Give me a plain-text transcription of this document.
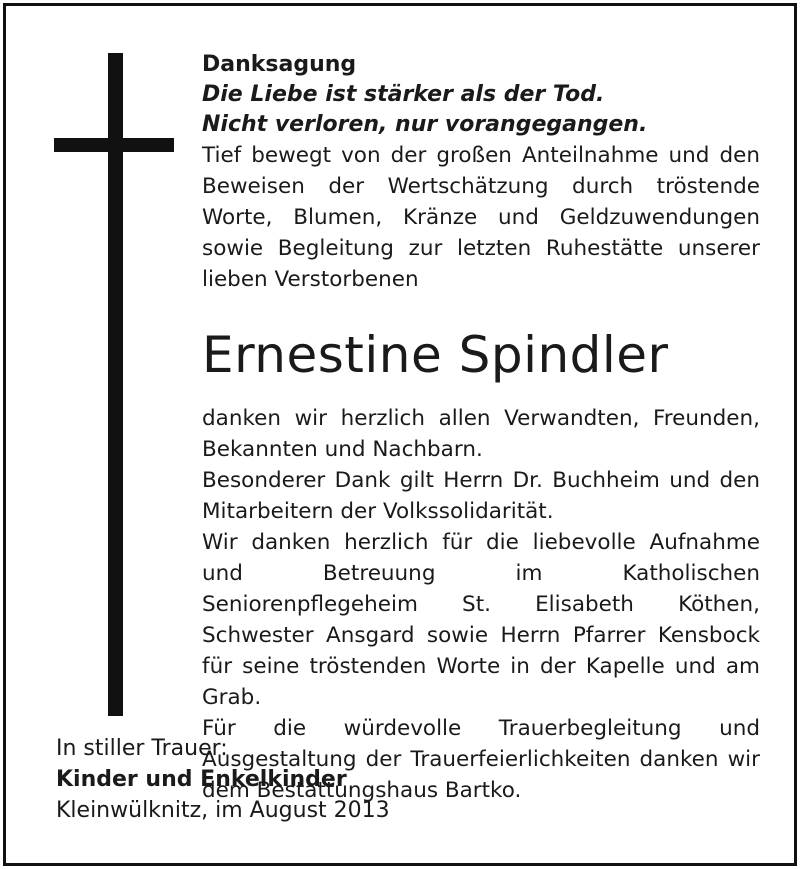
Danksagung

Die Liebe ist stärker als der Tod.

Nicht verloren, nur vorangegangen.

Tief bewegt von der großen Anteilnahme und den Beweisen der Wertschätzung durch tröstende Worte, Blumen, Kränze und Geldzuwendungen sowie Begleitung zur letzten Ruhestätte unserer lieben Verstorbenen

Ernestine Spindler

danken wir herzlich allen Verwandten, Freunden, Bekannten und Nachbarn.

Besonderer Dank gilt Herrn Dr. Buchheim und den Mitarbeitern der Volkssolidarität.

Wir danken herzlich für die liebevolle Aufnahme und Betreuung im Katholischen Seniorenpflegeheim St. Elisabeth Köthen, Schwester Ansgard sowie Herrn Pfarrer Kensbock für seine tröstenden Worte in der Kapelle und am Grab.

Für die würdevolle Trauerbegleitung und Ausgestaltung der Trauerfeierlichkeiten danken wir dem Bestattungshaus Bartko.

In stiller Trauer:

Kinder und Enkelkinder

Kleinwülknitz, im August 2013
